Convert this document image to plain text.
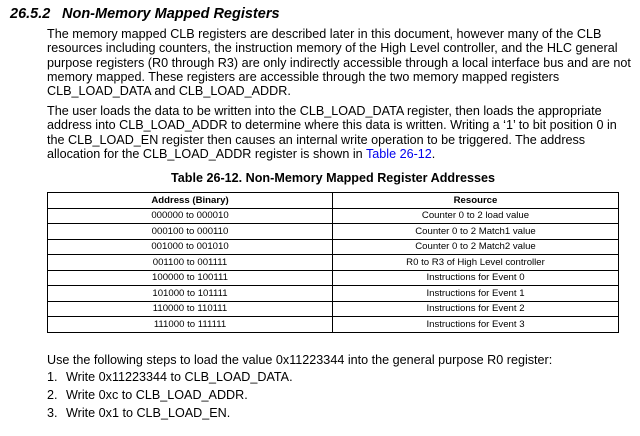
26.5.2 Non-Memory Mapped Registers

The memory mapped CLB registers are described later in this document, however many of the CLB resources including counters, the instruction memory of the High Level controller, and the HLC general purpose registers (R0 through R3) are only indirectly accessible through a local interface bus and are not memory mapped. These registers are accessible through the two memory mapped registers CLB_LOAD_DATA and CLB_LOAD_ADDR.

The user loads the data to be written into the CLB_LOAD_DATA register, then loads the appropriate address into CLB_LOAD_ADDR to determine where this data is written. Writing a ‘1’ to bit position 0 in the CLB_LOAD_EN register then causes an internal write operation to be triggered. The address allocation for the CLB_LOAD_ADDR register is shown in Table 26-12.

Table 26-12. Non-Memory Mapped Register Addresses
Address (Binary)	Resource
000000 to 000010	Counter 0 to 2 load value
000100 to 000110	Counter 0 to 2 Match1 value
001000 to 001010	Counter 0 to 2 Match2 value
001100 to 001111	R0 to R3 of High Level controller
100000 to 100111	Instructions for Event 0
101000 to 101111	Instructions for Event 1
110000 to 110111	Instructions for Event 2
111000 to 111111	Instructions for Event 3

Use the following steps to load the value 0x11223344 into the general purpose R0 register:

1. Write 0x11223344 to CLB_LOAD_DATA.
2. Write 0xc to CLB_LOAD_ADDR.
3. Write 0x1 to CLB_LOAD_EN.
